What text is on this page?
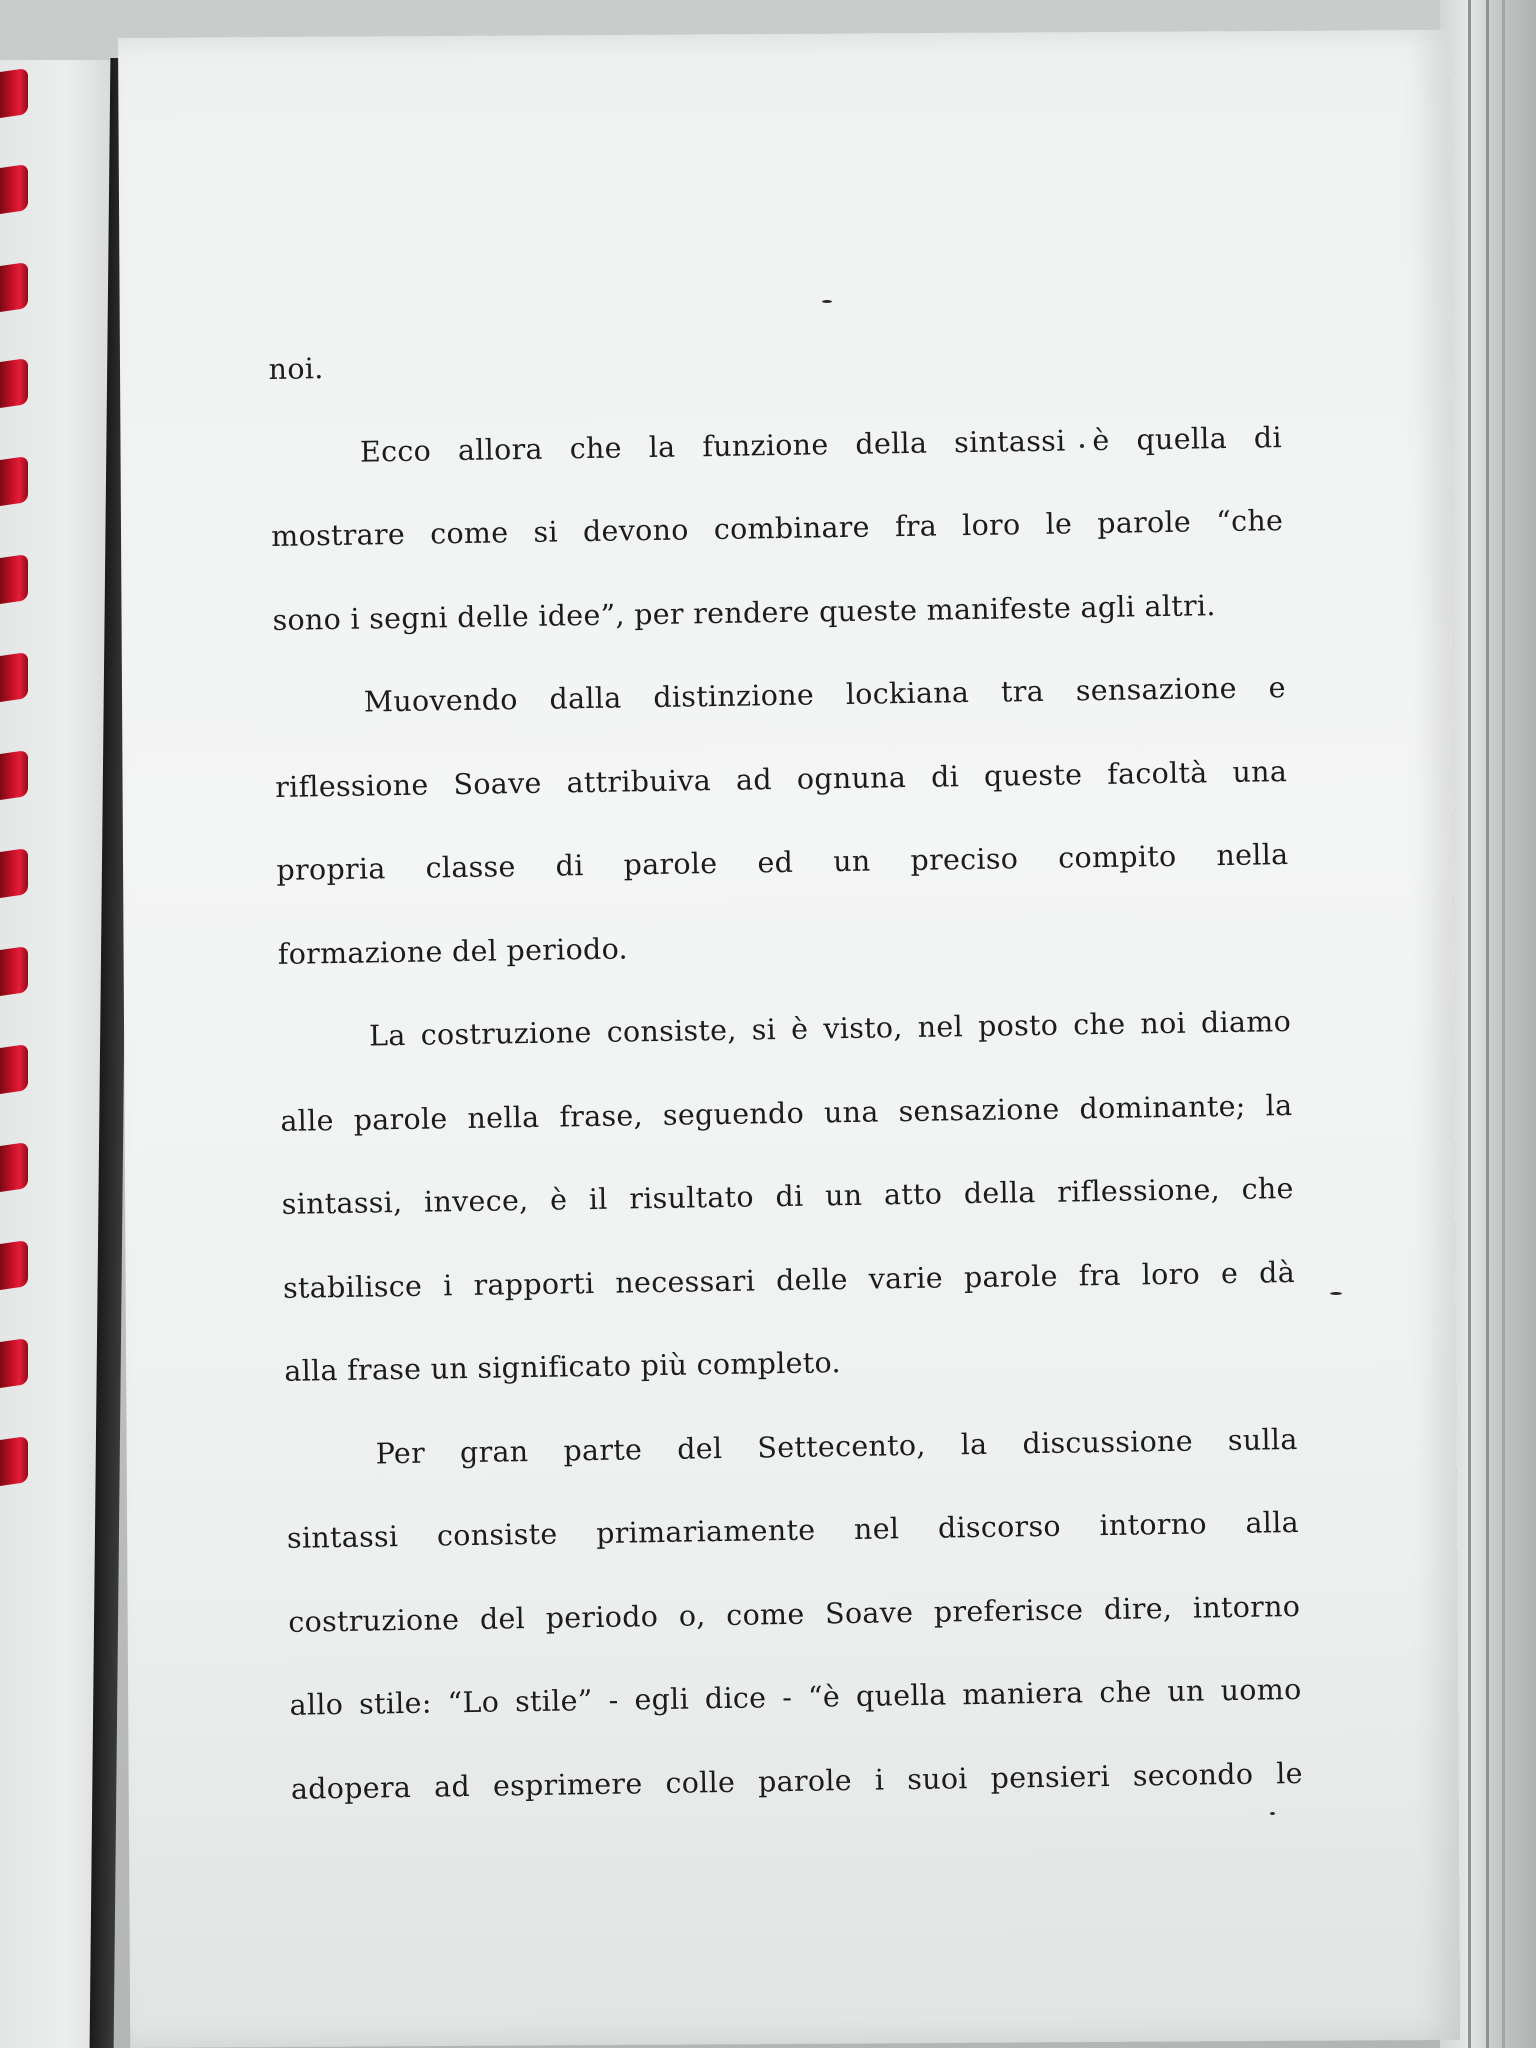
noi.
Ecco allora che la funzione della sintassi è quella di
mostrare come si devono combinare fra loro le parole “che
sono i segni delle idee”, per rendere queste manifeste agli altri.
Muovendo dalla distinzione lockiana tra sensazione e
riflessione Soave attribuiva ad ognuna di queste facoltà una
propria classe di parole ed un preciso compito nella
formazione del periodo.
La costruzione consiste, si è visto, nel posto che noi diamo
alle parole nella frase, seguendo una sensazione dominante; la
sintassi, invece, è il risultato di un atto della riflessione, che
stabilisce i rapporti necessari delle varie parole fra loro e dà
alla frase un significato più completo.
Per gran parte del Settecento, la discussione sulla
sintassi consiste primariamente nel discorso intorno alla
costruzione del periodo o, come Soave preferisce dire, intorno
allo stile: “Lo stile” - egli dice - “è quella maniera che un uomo
adopera ad esprimere colle parole i suoi pensieri secondo le
